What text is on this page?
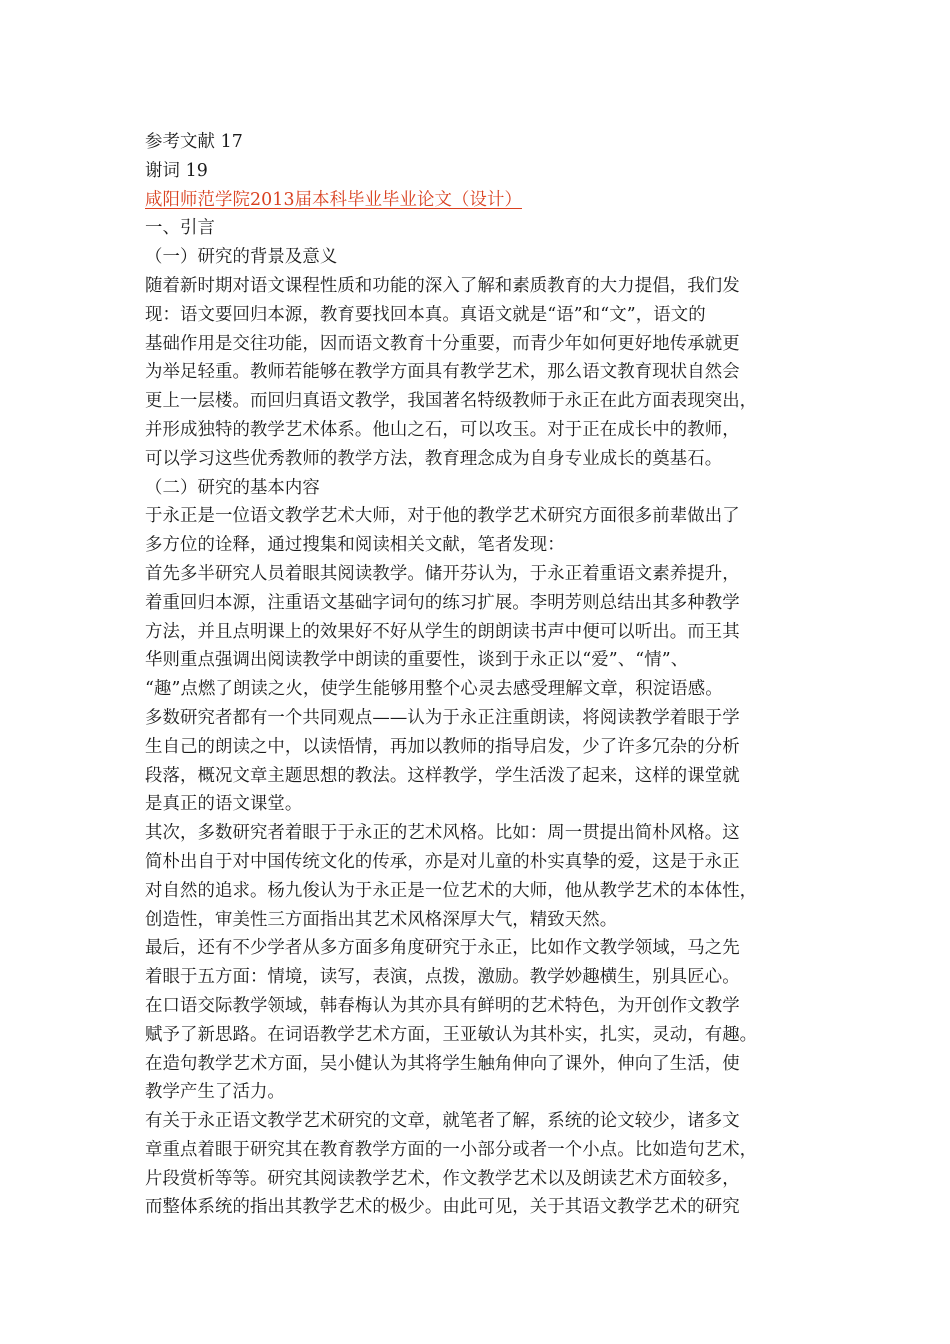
参考文献 17
谢词 19
咸阳师范学院2013届本科毕业毕业论文（设计）
一、引言
（一）研究的背景及意义
随着新时期对语文课程性质和功能的深入了解和素质教育的大力提倡，我们发
现：语文要回归本源，教育要找回本真。真语文就是“语”和“文”，语文的
基础作用是交往功能，因而语文教育十分重要，而青少年如何更好地传承就更
为举足轻重。教师若能够在教学方面具有教学艺术，那么语文教育现状自然会
更上一层楼。而回归真语文教学，我国著名特级教师于永正在此方面表现突出，
并形成独特的教学艺术体系。他山之石，可以攻玉。对于正在成长中的教师，
可以学习这些优秀教师的教学方法，教育理念成为自身专业成长的奠基石。
（二）研究的基本内容
于永正是一位语文教学艺术大师，对于他的教学艺术研究方面很多前辈做出了
多方位的诠释，通过搜集和阅读相关文献，笔者发现：
首先多半研究人员着眼其阅读教学。储开芬认为，于永正着重语文素养提升，
着重回归本源，注重语文基础字词句的练习扩展。李明芳则总结出其多种教学
方法，并且点明课上的效果好不好从学生的朗朗读书声中便可以听出。而王其
华则重点强调出阅读教学中朗读的重要性，谈到于永正以“爱”、“情”、
“趣”点燃了朗读之火，使学生能够用整个心灵去感受理解文章，积淀语感。
多数研究者都有一个共同观点——认为于永正注重朗读，将阅读教学着眼于学
生自己的朗读之中，以读悟情，再加以教师的指导启发，少了许多冗杂的分析
段落，概况文章主题思想的教法。这样教学，学生活泼了起来，这样的课堂就
是真正的语文课堂。
其次，多数研究者着眼于于永正的艺术风格。比如：周一贯提出简朴风格。这
简朴出自于对中国传统文化的传承，亦是对儿童的朴实真挚的爱，这是于永正
对自然的追求。杨九俊认为于永正是一位艺术的大师，他从教学艺术的本体性，
创造性，审美性三方面指出其艺术风格深厚大气，精致天然。
最后，还有不少学者从多方面多角度研究于永正，比如作文教学领域，马之先
着眼于五方面：情境，读写，表演，点拨，激励。教学妙趣横生，别具匠心。
在口语交际教学领域，韩春梅认为其亦具有鲜明的艺术特色，为开创作文教学
赋予了新思路。在词语教学艺术方面，王亚敏认为其朴实，扎实，灵动，有趣。
在造句教学艺术方面，吴小健认为其将学生触角伸向了课外，伸向了生活，使
教学产生了活力。
有关于永正语文教学艺术研究的文章，就笔者了解，系统的论文较少，诸多文
章重点着眼于研究其在教育教学方面的一小部分或者一个小点。比如造句艺术，
片段赏析等等。研究其阅读教学艺术，作文教学艺术以及朗读艺术方面较多，
而整体系统的指出其教学艺术的极少。由此可见，关于其语文教学艺术的研究
